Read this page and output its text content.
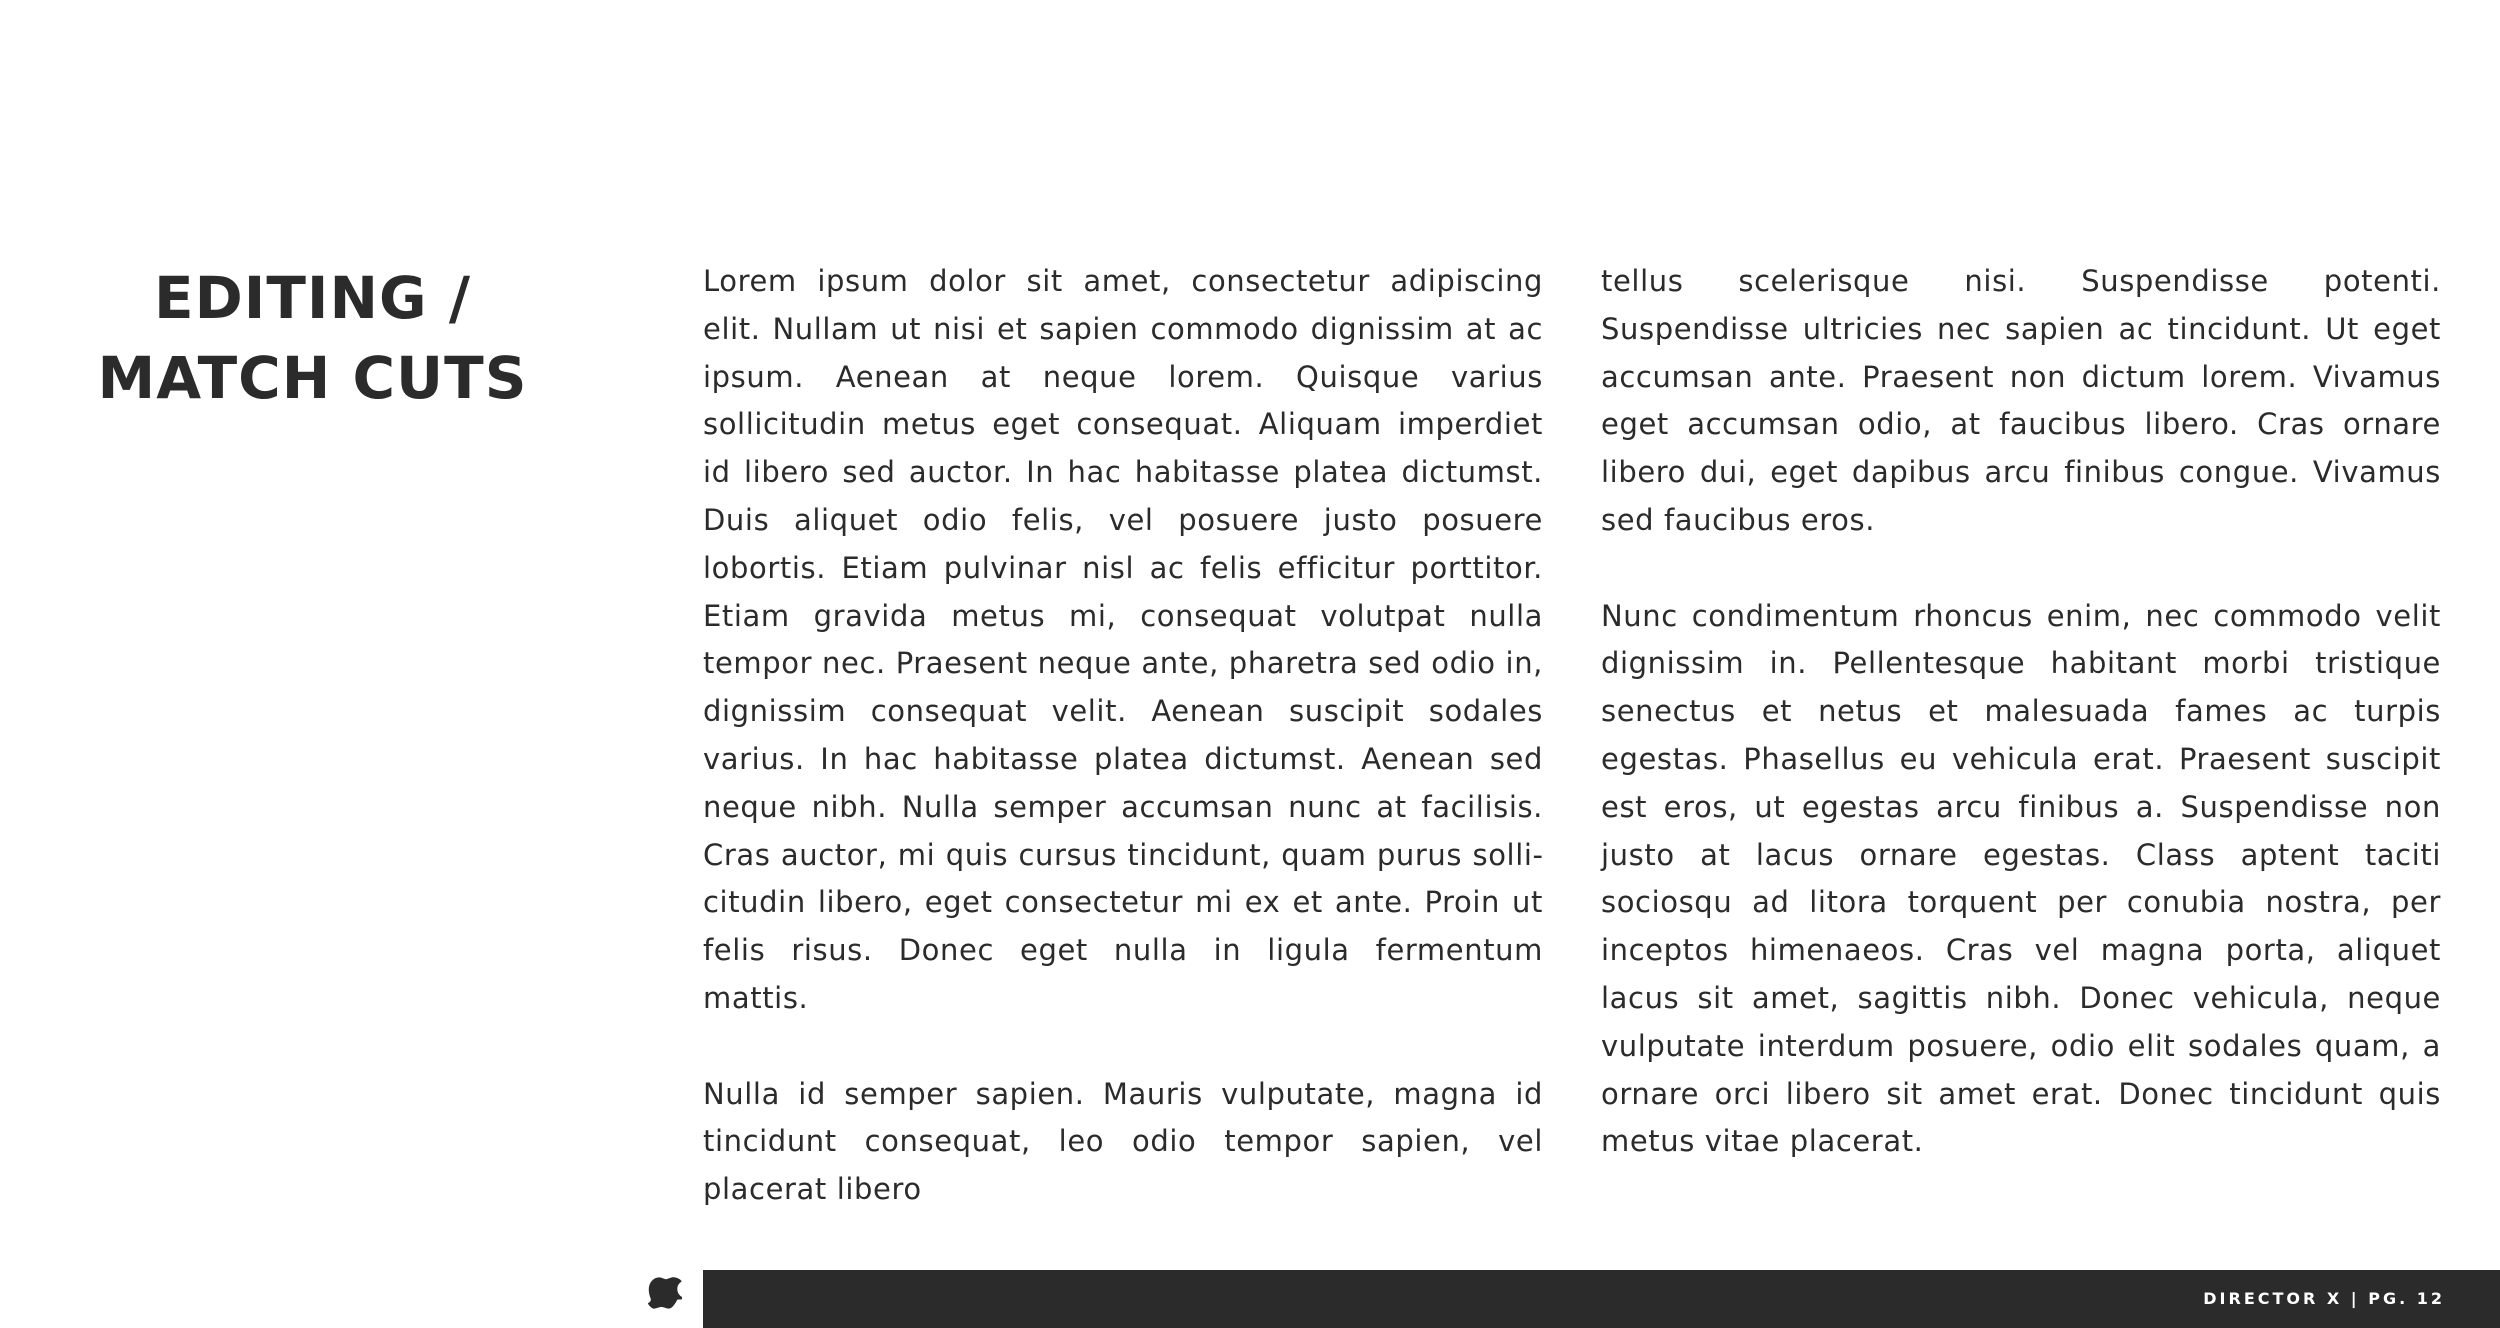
EDITING /
MATCH CUTS

Lorem ipsum dolor sit amet, consectetur adipiscing elit. Nullam ut nisi et sapien commodo dignissim at ac ipsum. Aenean at neque lorem. Quisque varius sollicitudin metus eget consequat. Aliquam imperdiet id libero sed auctor. In hac habitasse platea dictumst. Duis aliquet odio felis, vel posuere justo posuere lobortis. Etiam pulvinar nisl ac felis efficitur porttitor. Etiam gravida metus mi, consequat volutpat nulla tempor nec. Praesent neque ante, pharetra sed odio in, dignissim consequat velit. Aenean suscipit sodales varius. In hac habitasse platea dictumst. Aenean sed neque nibh. Nulla semper accumsan nunc at facilisis. Cras auctor, mi quis cursus tincidunt, quam purus sollicitudin libero, eget consectetur mi ex et ante. Proin ut felis risus. Donec eget nulla in ligula fermentum mattis.

Nulla id semper sapien. Mauris vulputate, magna id tincidunt consequat, leo odio tempor sapien, vel placerat libero

tellus scelerisque nisi. Suspendisse potenti. Suspendisse ultricies nec sapien ac tincidunt. Ut eget accumsan ante. Praesent non dictum lorem. Vivamus eget accumsan odio, at faucibus libero. Cras ornare libero dui, eget dapibus arcu finibus congue. Vivamus sed faucibus eros.

Nunc condimentum rhoncus enim, nec commodo velit dignissim in. Pellentesque habitant morbi tristique senectus et netus et malesuada fames ac turpis egestas. Phasellus eu vehicula erat. Praesent suscipit est eros, ut egestas arcu finibus a. Suspendisse non justo at lacus ornare egestas. Class aptent taciti sociosqu ad litora torquent per conubia nostra, per inceptos himenaeos. Cras vel magna porta, aliquet lacus sit amet, sagittis nibh. Donec vehicula, neque vulputate interdum posuere, odio elit sodales quam, a ornare orci libero sit amet erat. Donec tincidunt quis metus vitae placerat.

DIRECTOR X | PG. 12
